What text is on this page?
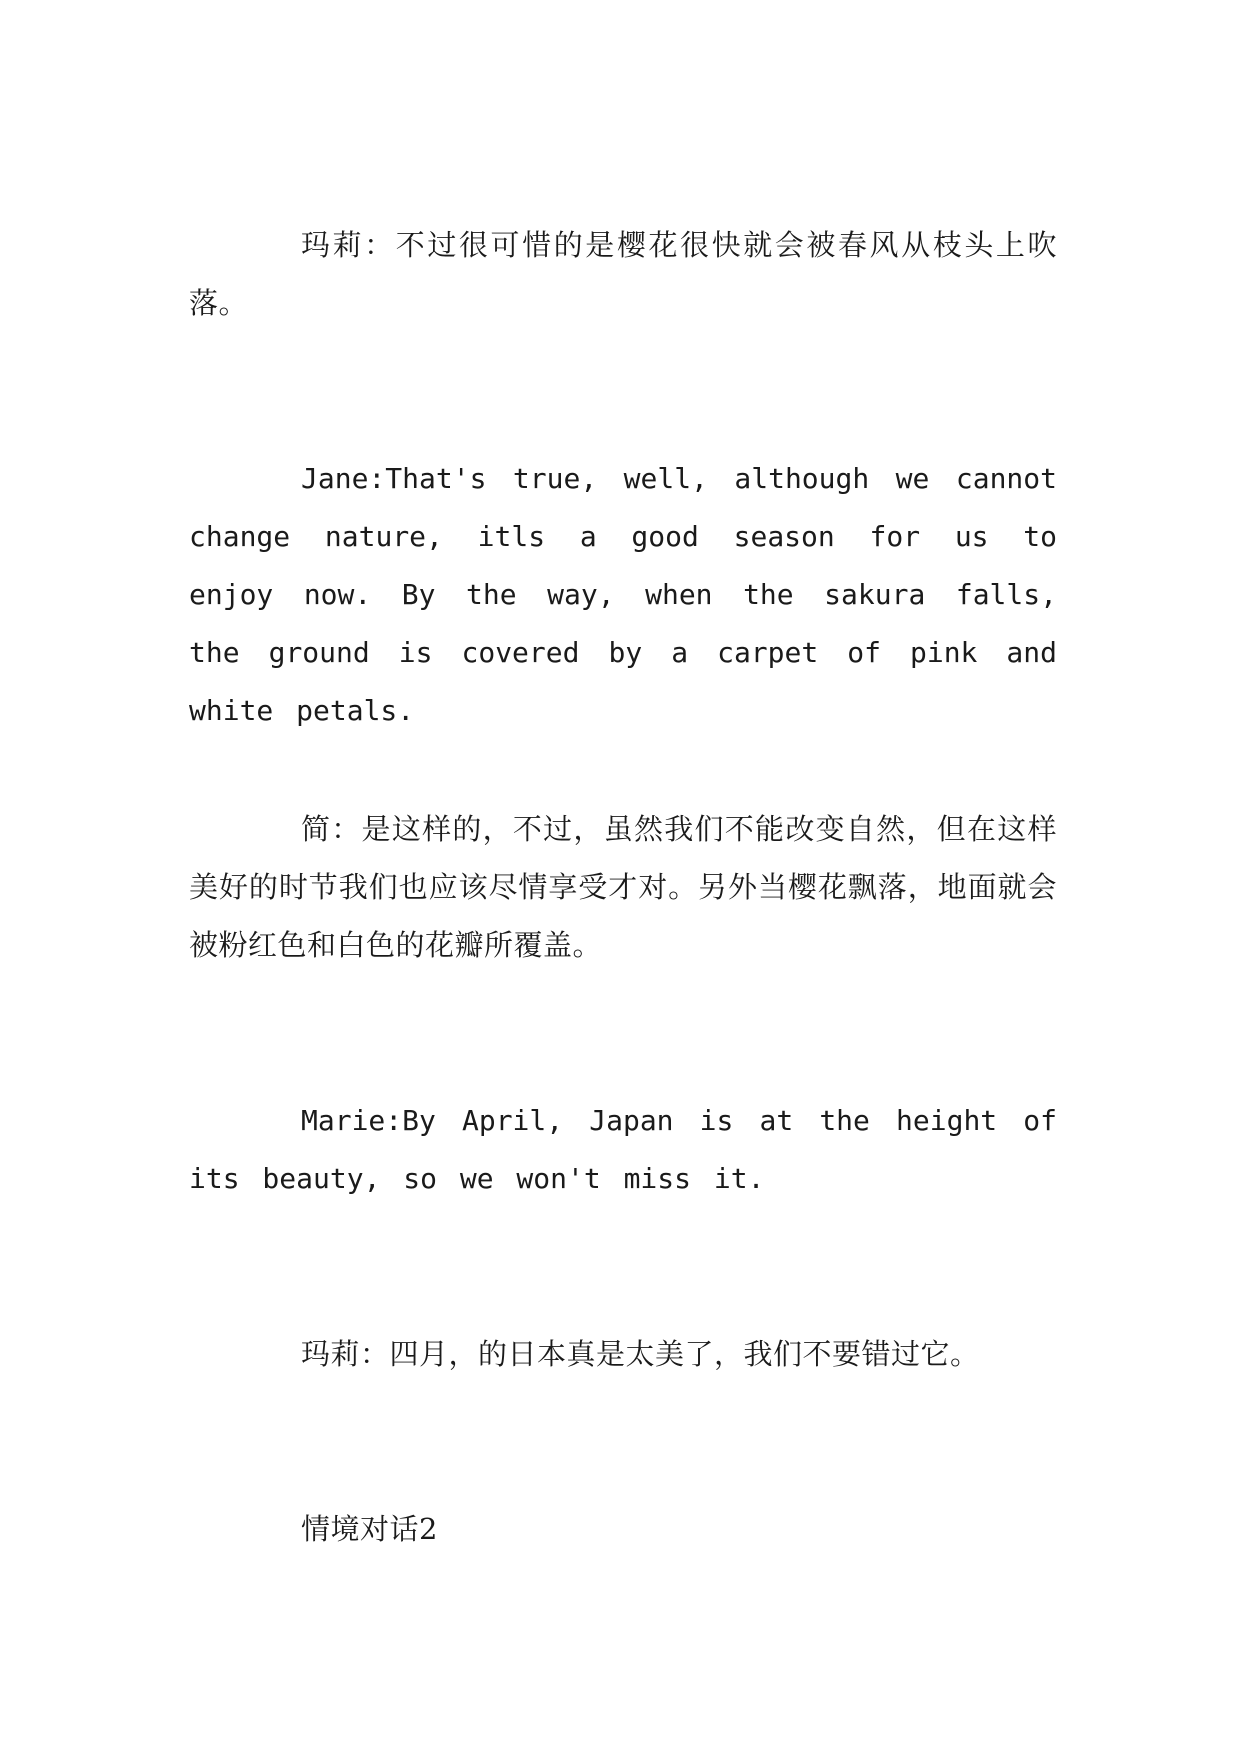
玛莉：不过很可惜的是樱花很快就会被春风从枝头上吹落。

Jane:That's true, well, although we cannot change nature, itls a good season for us to enjoy now. By the way, when the sakura falls, the ground is covered by a carpet of pink and white petals.

简：是这样的，不过，虽然我们不能改变自然，但在这样美好的时节我们也应该尽情享受才对。另外当樱花飘落，地面就会被粉红色和白色的花瓣所覆盖。

Marie:By April, Japan is at the height of its beauty, so we won't miss it.

玛莉：四月，的日本真是太美了，我们不要错过它。

情境对话2
